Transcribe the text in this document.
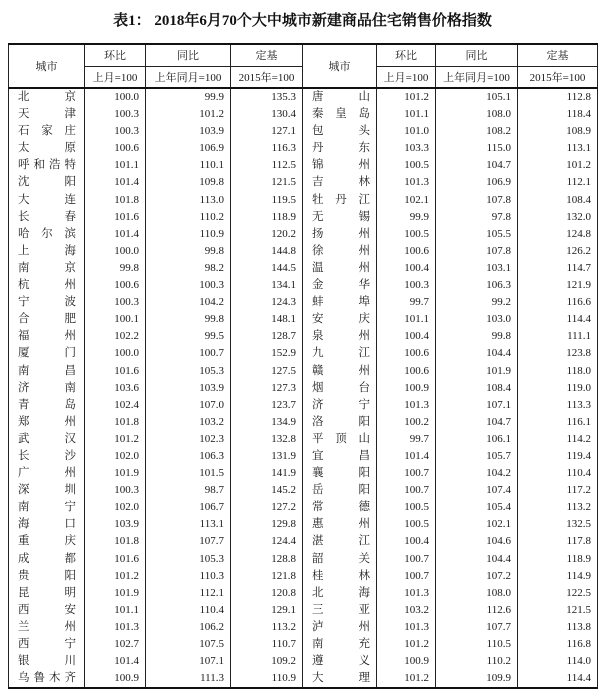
表1： 2018年6月70个大中城市新建商品住宅销售价格指数
城市	环比	同比	定基	城市	环比	同比	定基
	上月=100	上年同月=100	2015年=100		上月=100	上年同月=100	2015年=100

北京	100.0	99.9	135.3	唐山	101.2	105.1	112.8

天津	100.3	101.2	130.4	秦皇岛	101.1	108.0	118.4

石家庄	100.3	103.9	127.1	包头	101.0	108.2	108.9

太原	100.6	106.9	116.3	丹东	103.3	115.0	113.1

呼和浩特	101.1	110.1	112.5	锦州	100.5	104.7	101.2

沈阳	101.4	109.8	121.5	吉林	101.3	106.9	112.1

大连	101.8	113.0	119.5	牡丹江	102.1	107.8	108.4

长春	101.6	110.2	118.9	无锡	99.9	97.8	132.0

哈尔滨	101.4	110.9	120.2	扬州	100.5	105.5	124.8

上海	100.0	99.8	144.8	徐州	100.6	107.8	126.2

南京	99.8	98.2	144.5	温州	100.4	103.1	114.7

杭州	100.6	100.3	134.1	金华	100.3	106.3	121.9

宁波	100.3	104.2	124.3	蚌埠	99.7	99.2	116.6

合肥	100.1	99.8	148.1	安庆	101.1	103.0	114.4

福州	102.2	99.5	128.7	泉州	100.4	99.8	111.1

厦门	100.0	100.7	152.9	九江	100.6	104.4	123.8

南昌	101.6	105.3	127.5	赣州	100.6	101.9	118.0

济南	103.6	103.9	127.3	烟台	100.9	108.4	119.0

青岛	102.4	107.0	123.7	济宁	101.3	107.1	113.3

郑州	101.8	103.2	134.9	洛阳	100.2	104.7	116.1

武汉	101.2	102.3	132.8	平顶山	99.7	106.1	114.2

长沙	102.0	106.3	131.9	宜昌	101.4	105.7	119.4

广州	101.9	101.5	141.9	襄阳	100.7	104.2	110.4

深圳	100.3	98.7	145.2	岳阳	100.7	107.4	117.2

南宁	102.0	106.7	127.2	常德	100.5	105.4	113.2

海口	103.9	113.1	129.8	惠州	100.5	102.1	132.5

重庆	101.8	107.7	124.4	湛江	100.4	104.6	117.8

成都	101.6	105.3	128.8	韶关	100.7	104.4	118.9

贵阳	101.2	110.3	121.8	桂林	100.7	107.2	114.9

昆明	101.9	112.1	120.8	北海	101.3	108.0	122.5

西安	101.1	110.4	129.1	三亚	103.2	112.6	121.5

兰州	101.3	106.2	113.2	泸州	101.3	107.7	113.8

西宁	102.7	107.5	110.7	南充	101.2	110.5	116.8

银川	101.4	107.1	109.2	遵义	100.9	110.2	114.0

乌鲁木齐	100.9	111.3	110.9	大理	101.2	109.9	114.4
